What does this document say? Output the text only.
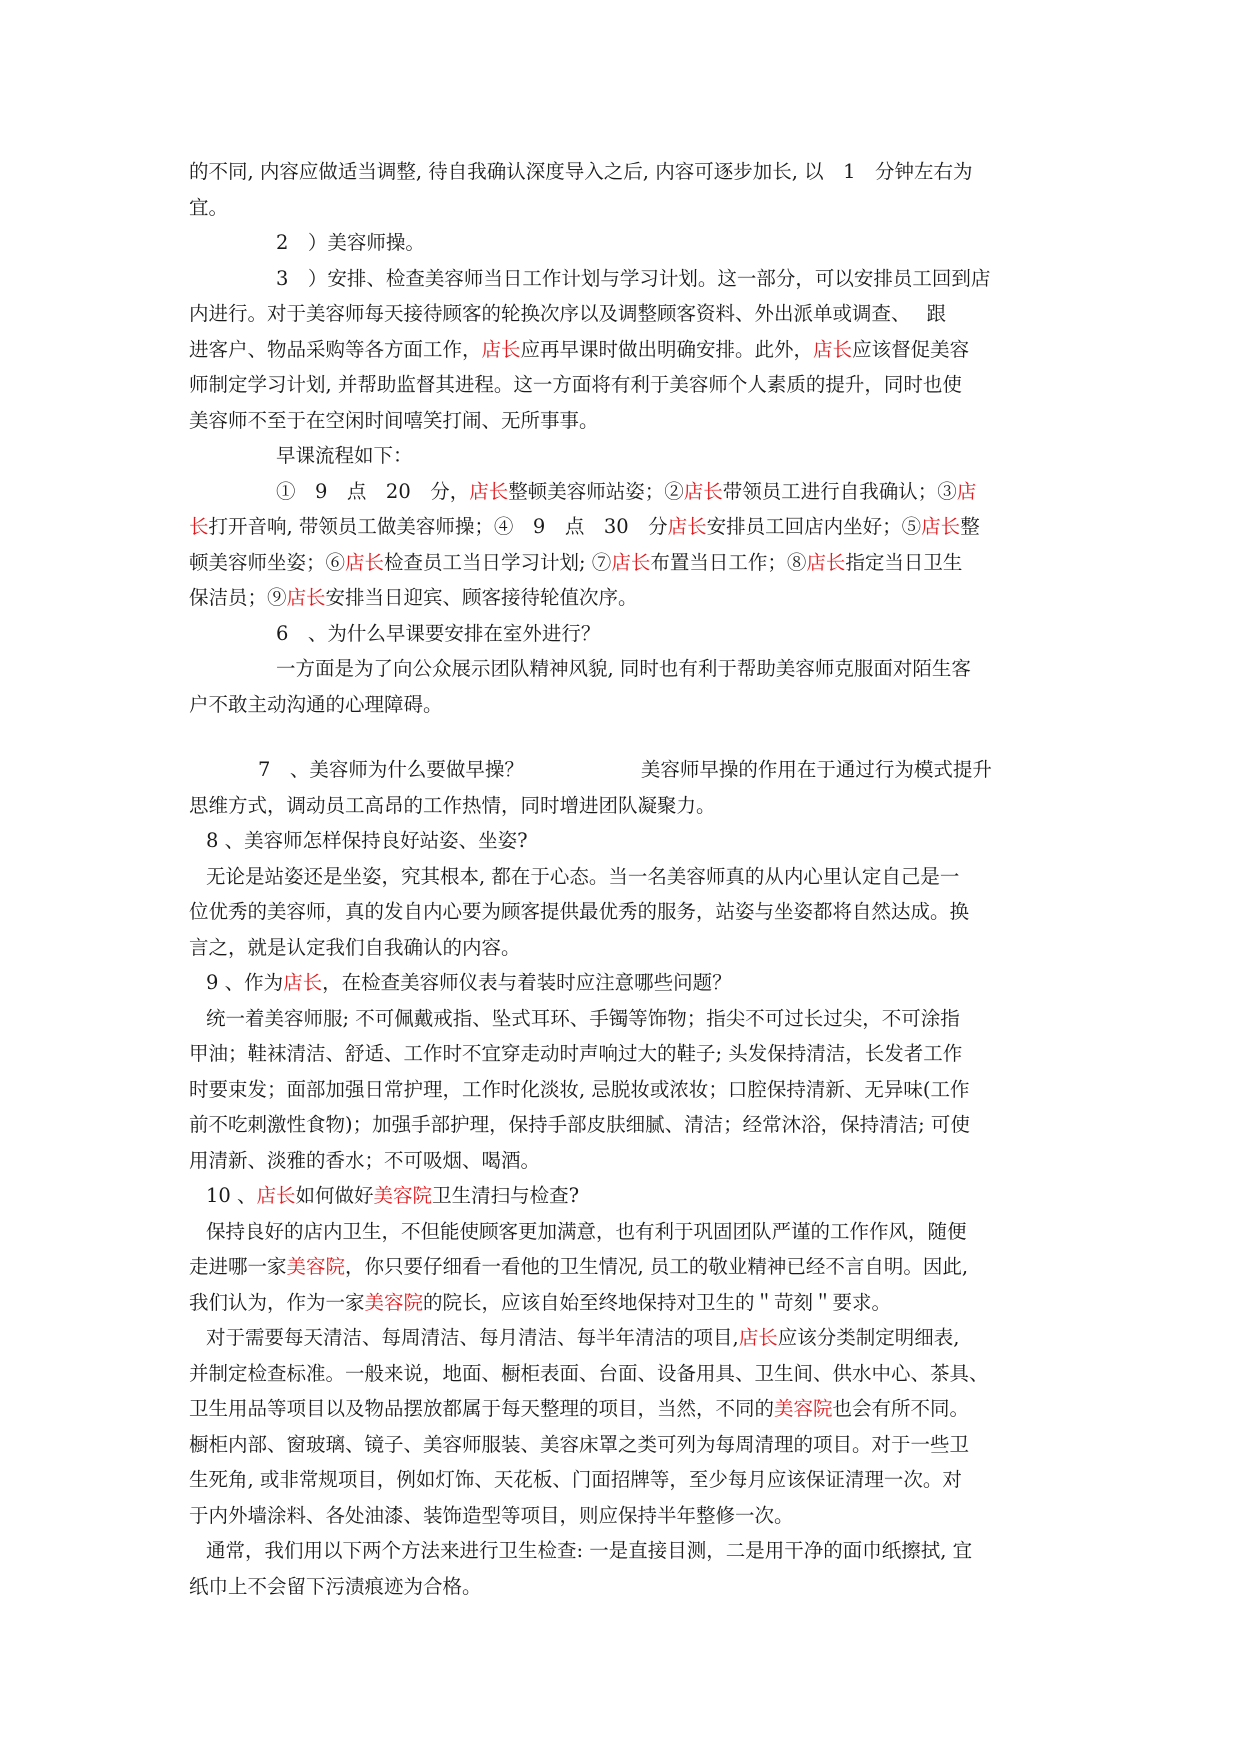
的不同, 内容应做适当调整, 待自我确认深度导入之后, 内容可逐步加长, 以　1　分钟左右为
宜。
2　）美容师操。
3　）安排、检查美容师当日工作计划与学习计划。这一部分，可以安排员工回到店
内进行。对于美容师每天接待顾客的轮换次序以及调整顾客资料、外出派单或调查、　 跟
进客户、物品采购等各方面工作，店长应再早课时做出明确安排。此外，店长应该督促美容
师制定学习计划, 并帮助监督其进程。这一方面将有利于美容师个人素质的提升，同时也使
美容师不至于在空闲时间嘻笑打闹、无所事事。
早课流程如下：
①　9　点　20　分，店长整顿美容师站姿；②店长带领员工进行自我确认；③店
长打开音响, 带领员工做美容师操；④　9　点　30　分店长安排员工回店内坐好；⑤店长整
顿美容师坐姿；⑥店长检查员工当日学习计划; ⑦店长布置当日工作；⑧店长指定当日卫生
保洁员；⑨店长安排当日迎宾、顾客接待轮值次序。
6　、为什么早课要安排在室外进行？
一方面是为了向公众展示团队精神风貌, 同时也有利于帮助美容师克服面对陌生客
户不敢主动沟通的心理障碍。
7　、美容师为什么要做早操？　　　　　　美容师早操的作用在于通过行为模式提升
思维方式，调动员工高昂的工作热情，同时增进团队凝聚力。
8 、美容师怎样保持良好站姿、坐姿?
无论是站姿还是坐姿，究其根本, 都在于心态。当一名美容师真的从内心里认定自己是一
位优秀的美容师，真的发自内心要为顾客提供最优秀的服务，站姿与坐姿都将自然达成。换
言之，就是认定我们自我确认的内容。
9 、作为店长，在检查美容师仪表与着装时应注意哪些问题？
统一着美容师服; 不可佩戴戒指、坠式耳环、手镯等饰物；指尖不可过长过尖，不可涂指
甲油；鞋袜清洁、舒适、工作时不宜穿走动时声响过大的鞋子; 头发保持清洁，长发者工作
时要束发；面部加强日常护理，工作时化淡妆, 忌脱妆或浓妆；口腔保持清新、无异味(工作
前不吃刺激性食物)；加强手部护理，保持手部皮肤细腻、清洁；经常沐浴，保持清洁; 可使
用清新、淡雅的香水；不可吸烟、喝酒。
10 、店长如何做好美容院卫生清扫与检查?
保持良好的店内卫生，不但能使顾客更加满意，也有利于巩固团队严谨的工作作风，随便
走进哪一家美容院，你只要仔细看一看他的卫生情况, 员工的敬业精神已经不言自明。因此,
我们认为，作为一家美容院的院长，应该自始至终地保持对卫生的＂苛刻＂要求。
对于需要每天清洁、每周清洁、每月清洁、每半年清洁的项目,店长应该分类制定明细表,
并制定检查标准。一般来说，地面、橱柜表面、台面、设备用具、卫生间、供水中心、茶具、
卫生用品等项目以及物品摆放都属于每天整理的项目，当然，不同的美容院也会有所不同。
橱柜内部、窗玻璃、镜子、美容师服装、美容床罩之类可列为每周清理的项目。对于一些卫
生死角, 或非常规项目，例如灯饰、天花板、门面招牌等，至少每月应该保证清理一次。对
于内外墙涂料、各处油漆、装饰造型等项目，则应保持半年整修一次。
通常，我们用以下两个方法来进行卫生检查: 一是直接目测，二是用干净的面巾纸擦拭, 宜
纸巾上不会留下污渍痕迹为合格。
